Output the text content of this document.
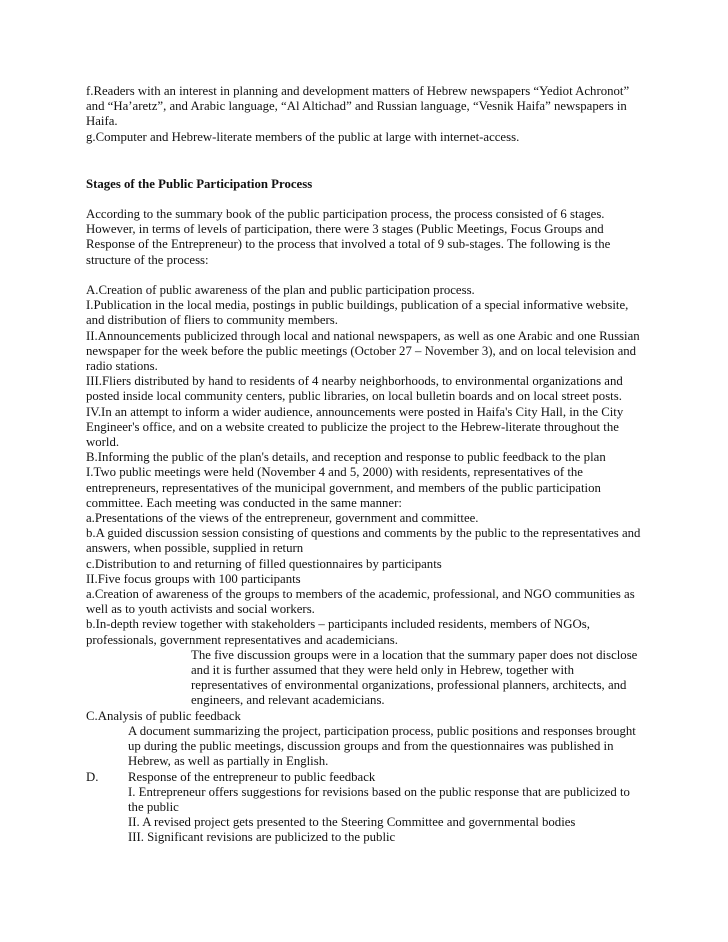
f.Readers with an interest in planning and development matters of Hebrew newspapers “Yediot Achronot” and “Ha’aretz”, and Arabic language, “Al Altichad” and Russian language, “Vesnik Haifa” newspapers in Haifa.

g.Computer and Hebrew-literate members of the public at large with internet-access.

Stages of the Public Participation Process

According to the summary book of the public participation process, the process consisted of 6 stages. However, in terms of levels of participation, there were 3 stages (Public Meetings, Focus Groups and Response of the Entrepreneur) to the process that involved a total of 9 sub-stages. The following is the structure of the process:

A.Creation of public awareness of the plan and public participation process.

I.Publication in the local media, postings in public buildings, publication of a special informative website, and distribution of fliers to community members.

II.Announcements publicized through local and national newspapers, as well as one Arabic and one Russian newspaper for the week before the public meetings (October 27 – November 3), and on local television and radio stations.

III.Fliers distributed by hand to residents of 4 nearby neighborhoods, to environmental organizations and posted inside local community centers, public libraries, on local bulletin boards and on local street posts.

IV.In an attempt to inform a wider audience, announcements were posted in Haifa's City Hall, in the City Engineer's office, and on a website created to publicize the project to the Hebrew-literate throughout the world.

B.Informing the public of the plan's details, and reception and response to public feedback to the plan

I.Two public meetings were held (November 4 and 5, 2000) with residents, representatives of the entrepreneurs, representatives of the municipal government, and members of the public participation committee. Each meeting was conducted in the same manner:

a.Presentations of the views of the entrepreneur, government and committee.

b.A guided discussion session consisting of questions and comments by the public to the representatives and answers, when possible, supplied in return

c.Distribution to and returning of filled questionnaires by participants

II.Five focus groups with 100 participants

a.Creation of awareness of the groups to members of the academic, professional, and NGO communities as well as to youth activists and social workers.

b.In-depth review together with stakeholders – participants included residents, members of NGOs, professionals, government representatives and academicians.

The five discussion groups were in a location that the summary paper does not disclose and it is further assumed that they were held only in Hebrew, together with representatives of environmental organizations, professional planners, architects, and engineers, and relevant academicians.

C.Analysis of public feedback

A document summarizing the project, participation process, public positions and responses brought up during the public meetings, discussion groups and from the questionnaires was published in Hebrew, as well as partially in English.

D.	Response of the entrepreneur to public feedback

I. Entrepreneur offers suggestions for revisions based on the public response that are publicized to the public

II. A revised project gets presented to the Steering Committee and governmental bodies

III. Significant revisions are publicized to the public
